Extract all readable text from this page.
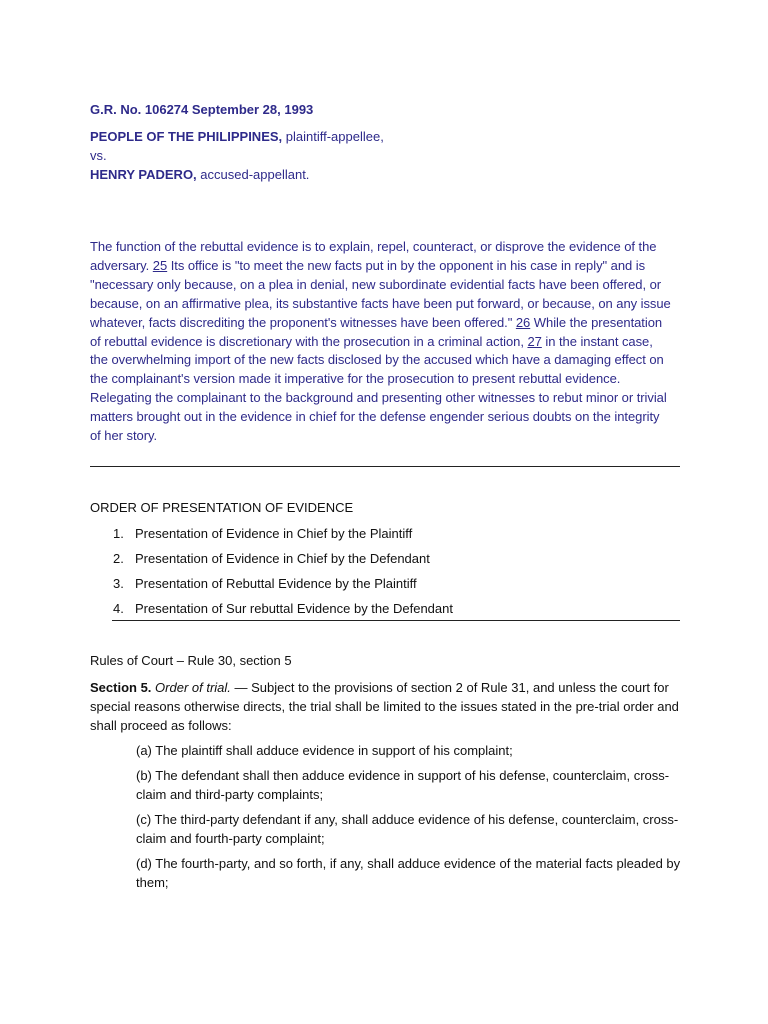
G.R. No. 106274 September 28, 1993
PEOPLE OF THE PHILIPPINES, plaintiff-appellee,
vs.
HENRY PADERO, accused-appellant.
The function of the rebuttal evidence is to explain, repel, counteract, or disprove the evidence of the adversary. 25 Its office is "to meet the new facts put in by the opponent in his case in reply" and is "necessary only because, on a plea in denial, new subordinate evidential facts have been offered, or because, on an affirmative plea, its substantive facts have been put forward, or because, on any issue whatever, facts discrediting the proponent's witnesses have been offered." 26 While the presentation of rebuttal evidence is discretionary with the prosecution in a criminal action, 27 in the instant case, the overwhelming import of the new facts disclosed by the accused which have a damaging effect on the complainant's version made it imperative for the prosecution to present rebuttal evidence. Relegating the complainant to the background and presenting other witnesses to rebut minor or trivial matters brought out in the evidence in chief for the defense engender serious doubts on the integrity of her story.
ORDER OF PRESENTATION OF EVIDENCE
1. Presentation of Evidence in Chief by the Plaintiff
2. Presentation of Evidence in Chief by the Defendant
3. Presentation of Rebuttal Evidence by the Plaintiff
4. Presentation of Sur rebuttal Evidence by the Defendant
Rules of Court – Rule 30, section 5
Section 5. Order of trial. — Subject to the provisions of section 2 of Rule 31, and unless the court for special reasons otherwise directs, the trial shall be limited to the issues stated in the pre-trial order and shall proceed as follows:

(a) The plaintiff shall adduce evidence in support of his complaint;

(b) The defendant shall then adduce evidence in support of his defense, counterclaim, cross-claim and third-party complaints;

(c) The third-party defendant if any, shall adduce evidence of his defense, counterclaim, cross-claim and fourth-party complaint;

(d) The fourth-party, and so forth, if any, shall adduce evidence of the material facts pleaded by them;
